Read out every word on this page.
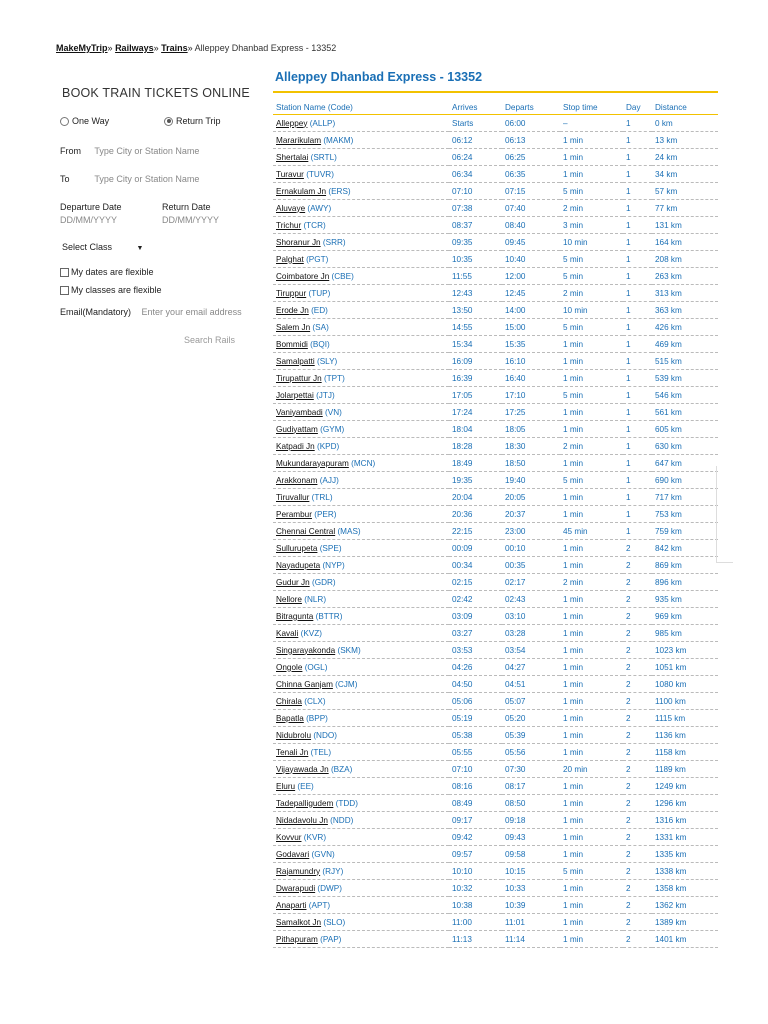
MakeMyTrip» Railways» Trains» Alleppey Dhanbad Express - 13352
BOOK TRAIN TICKETS ONLINE
One Way	Return Trip
From Type City or Station Name
To	Type City or Station Name
Departure Date
DD/MM/YYYY
Return Date
DD/MM/YYYY
Select Class	▼
My dates are flexible
My classes are flexible
Email(Mandatory) Enter your email address
Search Rails
Alleppey Dhanbad Express - 13352
Station Name (Code)	Arrives	Departs	Stop time	Day	Distance
Alleppey (ALLP)	Starts	06:00	–	1	0 km
Mararikulam (MAKM)	06:12	06:13	1 min	1	13 km
Shertalai (SRTL)	06:24	06:25	1 min	1	24 km
Turavur (TUVR)	06:34	06:35	1 min	1	34 km
Ernakulam Jn (ERS)	07:10	07:15	5 min	1	57 km
Aluvaye (AWY)	07:38	07:40	2 min	1	77 km
Trichur (TCR)	08:37	08:40	3 min	1	131 km
Shoranur Jn (SRR)	09:35	09:45	10 min	1	164 km
Palghat (PGT)	10:35	10:40	5 min	1	208 km
Coimbatore Jn (CBE)	11:55	12:00	5 min	1	263 km
Tiruppur (TUP)	12:43	12:45	2 min	1	313 km
Erode Jn (ED)	13:50	14:00	10 min	1	363 km
Salem Jn (SA)	14:55	15:00	5 min	1	426 km
Bommidi (BQI)	15:34	15:35	1 min	1	469 km
Samalpatti (SLY)	16:09	16:10	1 min	1	515 km
Tirupattur Jn (TPT)	16:39	16:40	1 min	1	539 km
Jolarpettai (JTJ)	17:05	17:10	5 min	1	546 km
Vaniyambadi (VN)	17:24	17:25	1 min	1	561 km
Gudiyattam (GYM)	18:04	18:05	1 min	1	605 km
Katpadi Jn (KPD)	18:28	18:30	2 min	1	630 km
Mukundarayapuram (MCN)	18:49	18:50	1 min	1	647 km
Arakkonam (AJJ)	19:35	19:40	5 min	1	690 km
Tiruvallur (TRL)	20:04	20:05	1 min	1	717 km
Perambur (PER)	20:36	20:37	1 min	1	753 km
Chennai Central (MAS)	22:15	23:00	45 min	1	759 km
Sullurupeta (SPE)	00:09	00:10	1 min	2	842 km
Nayadupeta (NYP)	00:34	00:35	1 min	2	869 km
Gudur Jn (GDR)	02:15	02:17	2 min	2	896 km
Nellore (NLR)	02:42	02:43	1 min	2	935 km
Bitragunta (BTTR)	03:09	03:10	1 min	2	969 km
Kavali (KVZ)	03:27	03:28	1 min	2	985 km
Singarayakonda (SKM)	03:53	03:54	1 min	2	1023 km
Ongole (OGL)	04:26	04:27	1 min	2	1051 km
Chinna Ganjam (CJM)	04:50	04:51	1 min	2	1080 km
Chirala (CLX)	05:06	05:07	1 min	2	1100 km
Bapatla (BPP)	05:19	05:20	1 min	2	1115 km
Nidubrolu (NDO)	05:38	05:39	1 min	2	1136 km
Tenali Jn (TEL)	05:55	05:56	1 min	2	1158 km
Vijayawada Jn (BZA)	07:10	07:30	20 min	2	1189 km
Eluru (EE)	08:16	08:17	1 min	2	1249 km
Tadepalligudem (TDD)	08:49	08:50	1 min	2	1296 km
Nidadavolu Jn (NDD)	09:17	09:18	1 min	2	1316 km
Kovvur (KVR)	09:42	09:43	1 min	2	1331 km
Godavari (GVN)	09:57	09:58	1 min	2	1335 km
Rajamundry (RJY)	10:10	10:15	5 min	2	1338 km
Dwarapudi (DWP)	10:32	10:33	1 min	2	1358 km
Anaparti (APT)	10:38	10:39	1 min	2	1362 km
Samalkot Jn (SLO)	11:00	11:01	1 min	2	1389 km
Pithapuram (PAP)	11:13	11:14	1 min	2	1401 km
